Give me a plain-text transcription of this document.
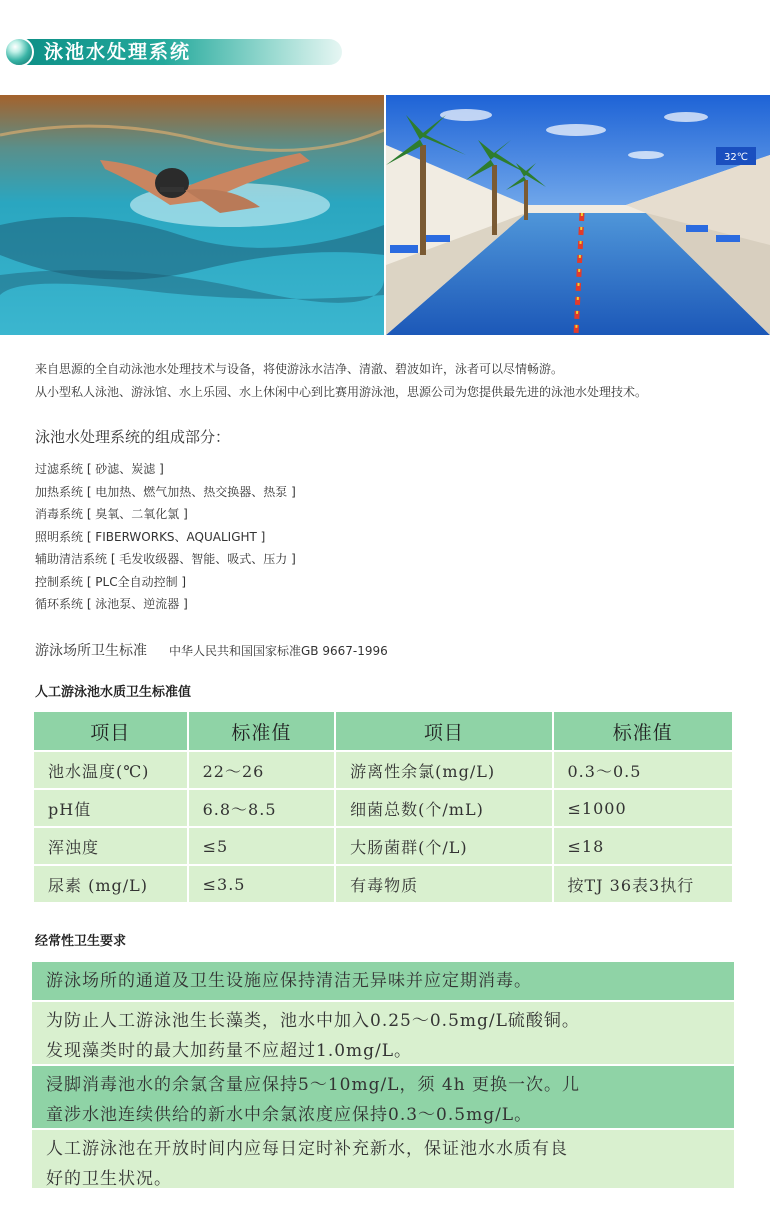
泳池水处理系统
32℃
来自思源的全自动泳池水处理技术与设备，将使游泳水洁净、清澈、碧波如许，泳者可以尽情畅游。
从小型私人泳池、游泳馆、水上乐园、水上休闲中心到比赛用游泳池，思源公司为您提供最先进的泳池水处理技术。
泳池水处理系统的组成部分：
过滤系统 [ 砂滤、炭滤 ]
加热系统 [ 电加热、燃气加热、热交换器、热泵 ]
消毒系统 [ 臭氧、二氧化氯 ]
照明系统 [ FIBERWORKS、AQUALIGHT ]
辅助清洁系统 [ 毛发收级器、智能、吸式、压力 ]
控制系统 [ PLC全自动控制 ]
循环系统 [ 泳池泵、逆流器 ]
游泳场所卫生标准 中华人民共和国国家标准GB 9667-1996
人工游泳池水质卫生标准值
项目	标准值	项目	标准值
池水温度(℃)	22～26	游离性余氯(mg/L)	0.3～0.5
pH值	6.8～8.5	细菌总数(个/mL)	≤1000
浑浊度	≤5	大肠菌群(个/L)	≤18
尿素 (mg/L)	≤3.5	有毒物质	按TJ 36表3执行
经常性卫生要求
游泳场所的通道及卫生设施应保持清洁无异味并应定期消毒。
为防止人工游泳池生长藻类，池水中加入0.25～0.5mg/L硫酸铜。
发现藻类时的最大加药量不应超过1.0mg/L。
浸脚消毒池水的余氯含量应保持5～10mg/L，须 4h 更换一次。儿
童涉水池连续供给的新水中余氯浓度应保持0.3～0.5mg/L。
人工游泳池在开放时间内应每日定时补充新水，保证池水水质有良
好的卫生状况。
